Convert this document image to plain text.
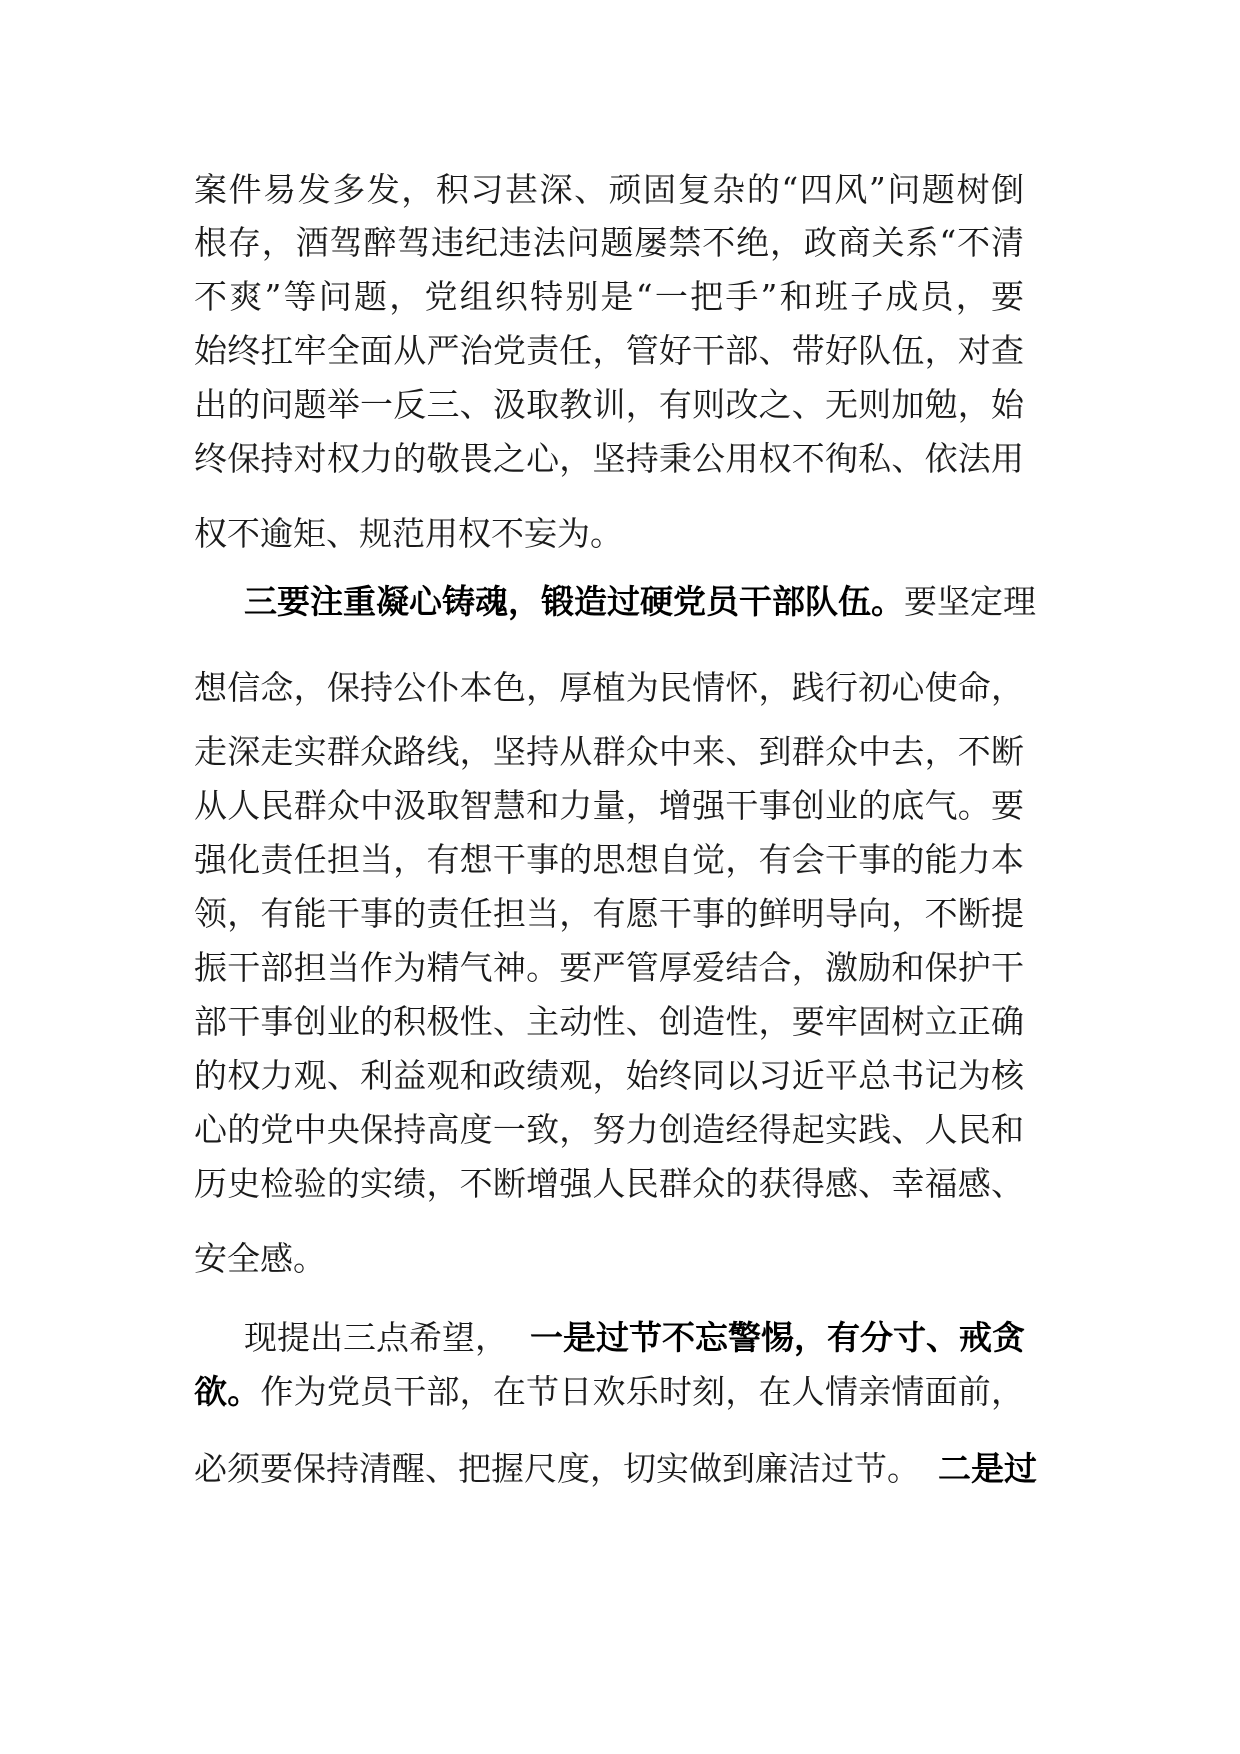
案件易发多发，积习甚深、顽固复杂的“四风”问题树倒
根存，酒驾醉驾违纪违法问题屡禁不绝，政商关系“不清
不爽”等问题，党组织特别是“一把手”和班子成员，要
始终扛牢全面从严治党责任，管好干部、带好队伍，对查
出的问题举一反三、汲取教训，有则改之、无则加勉，始
终保持对权力的敬畏之心，坚持秉公用权不徇私、依法用
权不逾矩、规范用权不妄为。
三要注重凝心铸魂，锻造过硬党员干部队伍。要坚定理
想信念，保持公仆本色，厚植为民情怀，践行初心使命，
走深走实群众路线，坚持从群众中来、到群众中去，不断
从人民群众中汲取智慧和力量，增强干事创业的底气。要
强化责任担当，有想干事的思想自觉，有会干事的能力本
领，有能干事的责任担当，有愿干事的鲜明导向，不断提
振干部担当作为精气神。要严管厚爱结合，激励和保护干
部干事创业的积极性、主动性、创造性，要牢固树立正确
的权力观、利益观和政绩观，始终同以习近平总书记为核
心的党中央保持高度一致，努力创造经得起实践、人民和
历史检验的实绩，不断增强人民群众的获得感、幸福感、
安全感。
现提出三点希望， 一是过节不忘警惕，有分寸、戒贪
欲。作为党员干部，在节日欢乐时刻，在人情亲情面前，
必须要保持清醒、把握尺度，切实做到廉洁过节。 二是过
